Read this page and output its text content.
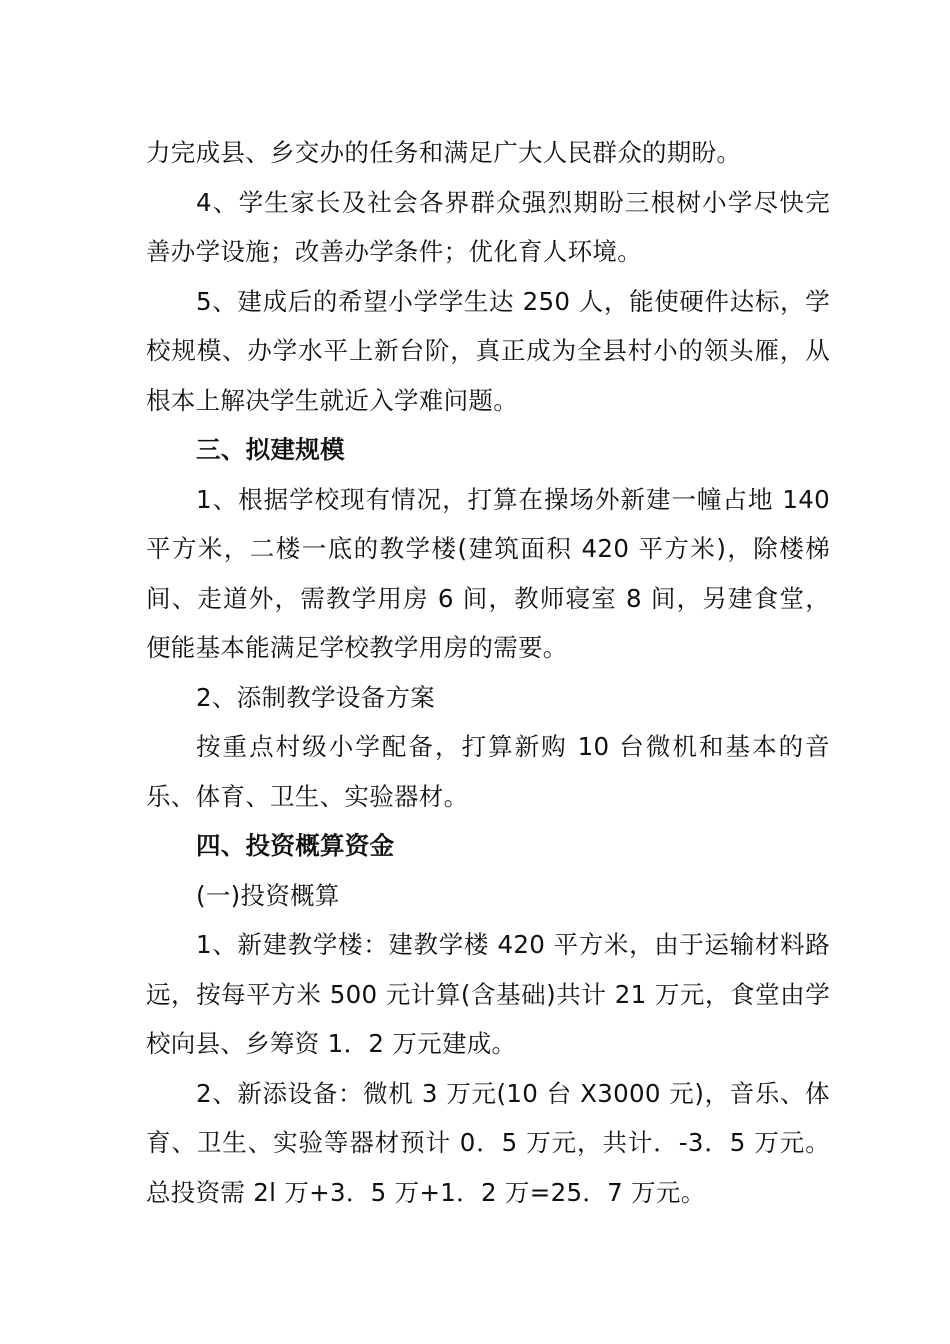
力完成县、乡交办的任务和满足广大人民群众的期盼。

4、学生家长及社会各界群众强烈期盼三根树小学尽快完善办学设施；改善办学条件；优化育人环境。

5、建成后的希望小学学生达 250 人，能使硬件达标，学校规模、办学水平上新台阶，真正成为全县村小的领头雁，从根本上解决学生就近入学难问题。

三、拟建规模

1、根据学校现有情况，打算在操场外新建一幢占地 140 平方米，二楼一底的教学楼(建筑面积 420 平方米)，除楼梯间、走道外，需教学用房 6 间，教师寝室 8 间，另建食堂，便能基本能满足学校教学用房的需要。

2、添制教学设备方案

按重点村级小学配备，打算新购 10 台微机和基本的音乐、体育、卫生、实验器材。

四、投资概算资金

(一)投资概算

1、新建教学楼：建教学楼 420 平方米，由于运输材料路远，按每平方米 500 元计算(含基础)共计 21 万元，食堂由学校向县、乡筹资 1．2 万元建成。

2、新添设备：微机 3 万元(10 台 X3000 元)，音乐、体育、卫生、实验等器材预计 0．5 万元，共计．-3．5 万元。总投资需 2l 万+3．5 万+1．2 万=25．7 万元。
